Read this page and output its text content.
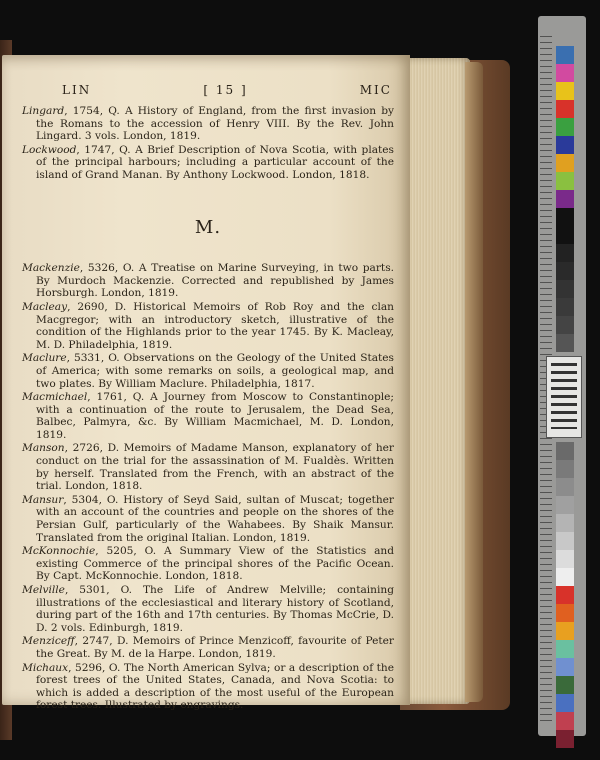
LIN	[ 15 ]	MIC

Lingard, 1754, Q. A History of England, from the first invasion by the Romans to the accession of Henry VIII. By the Rev. John Lingard. 3 vols. London, 1819.

Lockwood, 1747, Q. A Brief Description of Nova Scotia, with plates of the principal harbours; including a particular account of the island of Grand Manan. By Anthony Lockwood. London, 1818.

M.

Mackenzie, 5326, O. A Treatise on Marine Surveying, in two parts. By Murdoch Mackenzie. Corrected and republished by James Horsburgh. London, 1819.

Macleay, 2690, D. Historical Memoirs of Rob Roy and the clan Macgregor; with an introductory sketch, illustrative of the condition of the Highlands prior to the year 1745. By K. Macleay, M. D. Philadelphia, 1819.

Maclure, 5331, O. Observations on the Geology of the United States of America; with some remarks on soils, a geological map, and two plates. By William Maclure. Philadelphia, 1817.

Macmichael, 1761, Q. A Journey from Moscow to Constantinople; with a continuation of the route to Jerusalem, the Dead Sea, Balbec, Palmyra, &c. By William Macmichael, M. D. London, 1819.

Manson, 2726, D. Memoirs of Madame Manson, explanatory of her conduct on the trial for the assassination of M. Fualdès. Written by herself. Translated from the French, with an abstract of the trial. London, 1818.

Mansur, 5304, O. History of Seyd Said, sultan of Muscat; together with an account of the countries and people on the shores of the Persian Gulf, particularly of the Wahabees. By Shaik Mansur. Translated from the original Italian. London, 1819.

McKonnochie, 5205, O. A Summary View of the Statistics and existing Commerce of the principal shores of the Pacific Ocean. By Capt. McKonnochie. London, 1818.

Melville, 5301, O. The Life of Andrew Melville; containing illustrations of the ecclesiastical and literary history of Scotland, during part of the 16th and 17th centuries. By Thomas McCrie, D. D. 2 vols. Edinburgh, 1819.

Menziceff, 2747, D. Memoirs of Prince Menzicoff, favourite of Peter the Great. By M. de la Harpe. London, 1819.

Michaux, 5296, O. The North American Sylva; or a description of the forest trees of the United States, Canada, and Nova Scotia: to which is added a description of the most useful of the European forest trees. Illustrated by engravings.
